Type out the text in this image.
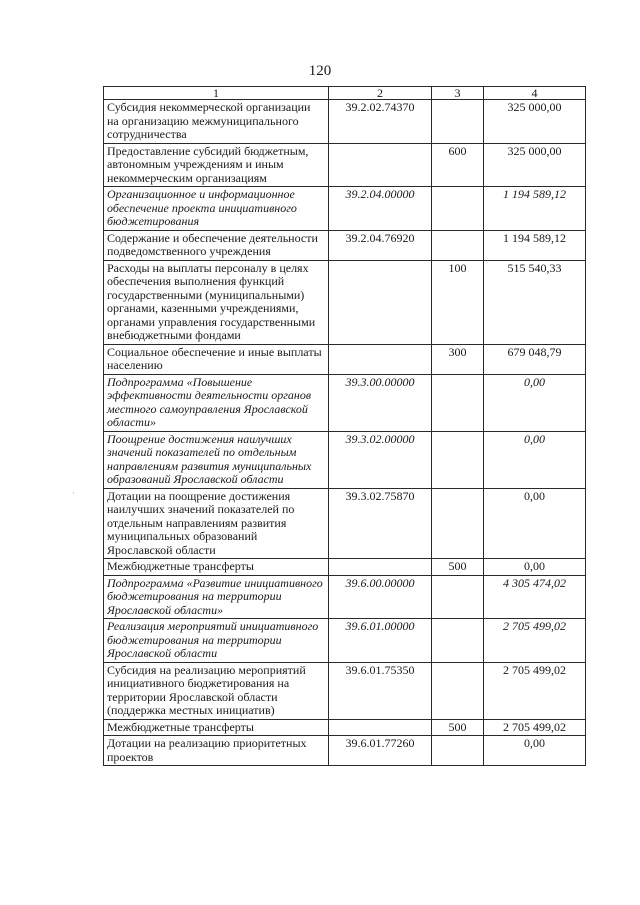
120
·
1	2	3	4
Субсидия некоммерческой организации на организацию межмуниципального сотрудничества	39.2.02.74370		325 000,00
Предоставление субсидий бюджетным, автономным учреждениям и иным некоммерческим организациям		600	325 000,00
Организационное и информационное обеспечение проекта инициативного бюджетирования	39.2.04.00000		1 194 589,12
Содержание и обеспечение деятельности подведомственного учреждения	39.2.04.76920		1 194 589,12
Расходы на выплаты персоналу в целях обеспечения выполнения функций государственными (муниципальными) органами, казенными учреждениями, органами управления государственными внебюджетными фондами		100	515 540,33
Социальное обеспечение и иные выплаты населению		300	679 048,79
Подпрограмма «Повышение эффективности деятельности органов местного самоуправления Ярославской области»	39.3.00.00000		0,00
Поощрение достижения наилучших значений показателей по отдельным направлениям развития муниципальных образований Ярославской области	39.3.02.00000		0,00
Дотации на поощрение достижения наилучших значений показателей по отдельным направлениям развития муниципальных образований Ярославской области	39.3.02.75870		0,00
Межбюджетные трансферты		500	0,00
Подпрограмма «Развитие инициативного бюджетирования на территории Ярославской области»	39.6.00.00000		4 305 474,02
Реализация мероприятий инициативного бюджетирования на территории Ярославской области	39.6.01.00000		2 705 499,02
Субсидия на реализацию мероприятий инициативного бюджетирования на территории Ярославской области (поддержка местных инициатив)	39.6.01.75350		2 705 499,02
Межбюджетные трансферты		500	2 705 499,02
Дотации на реализацию приоритетных проектов	39.6.01.77260		0,00
